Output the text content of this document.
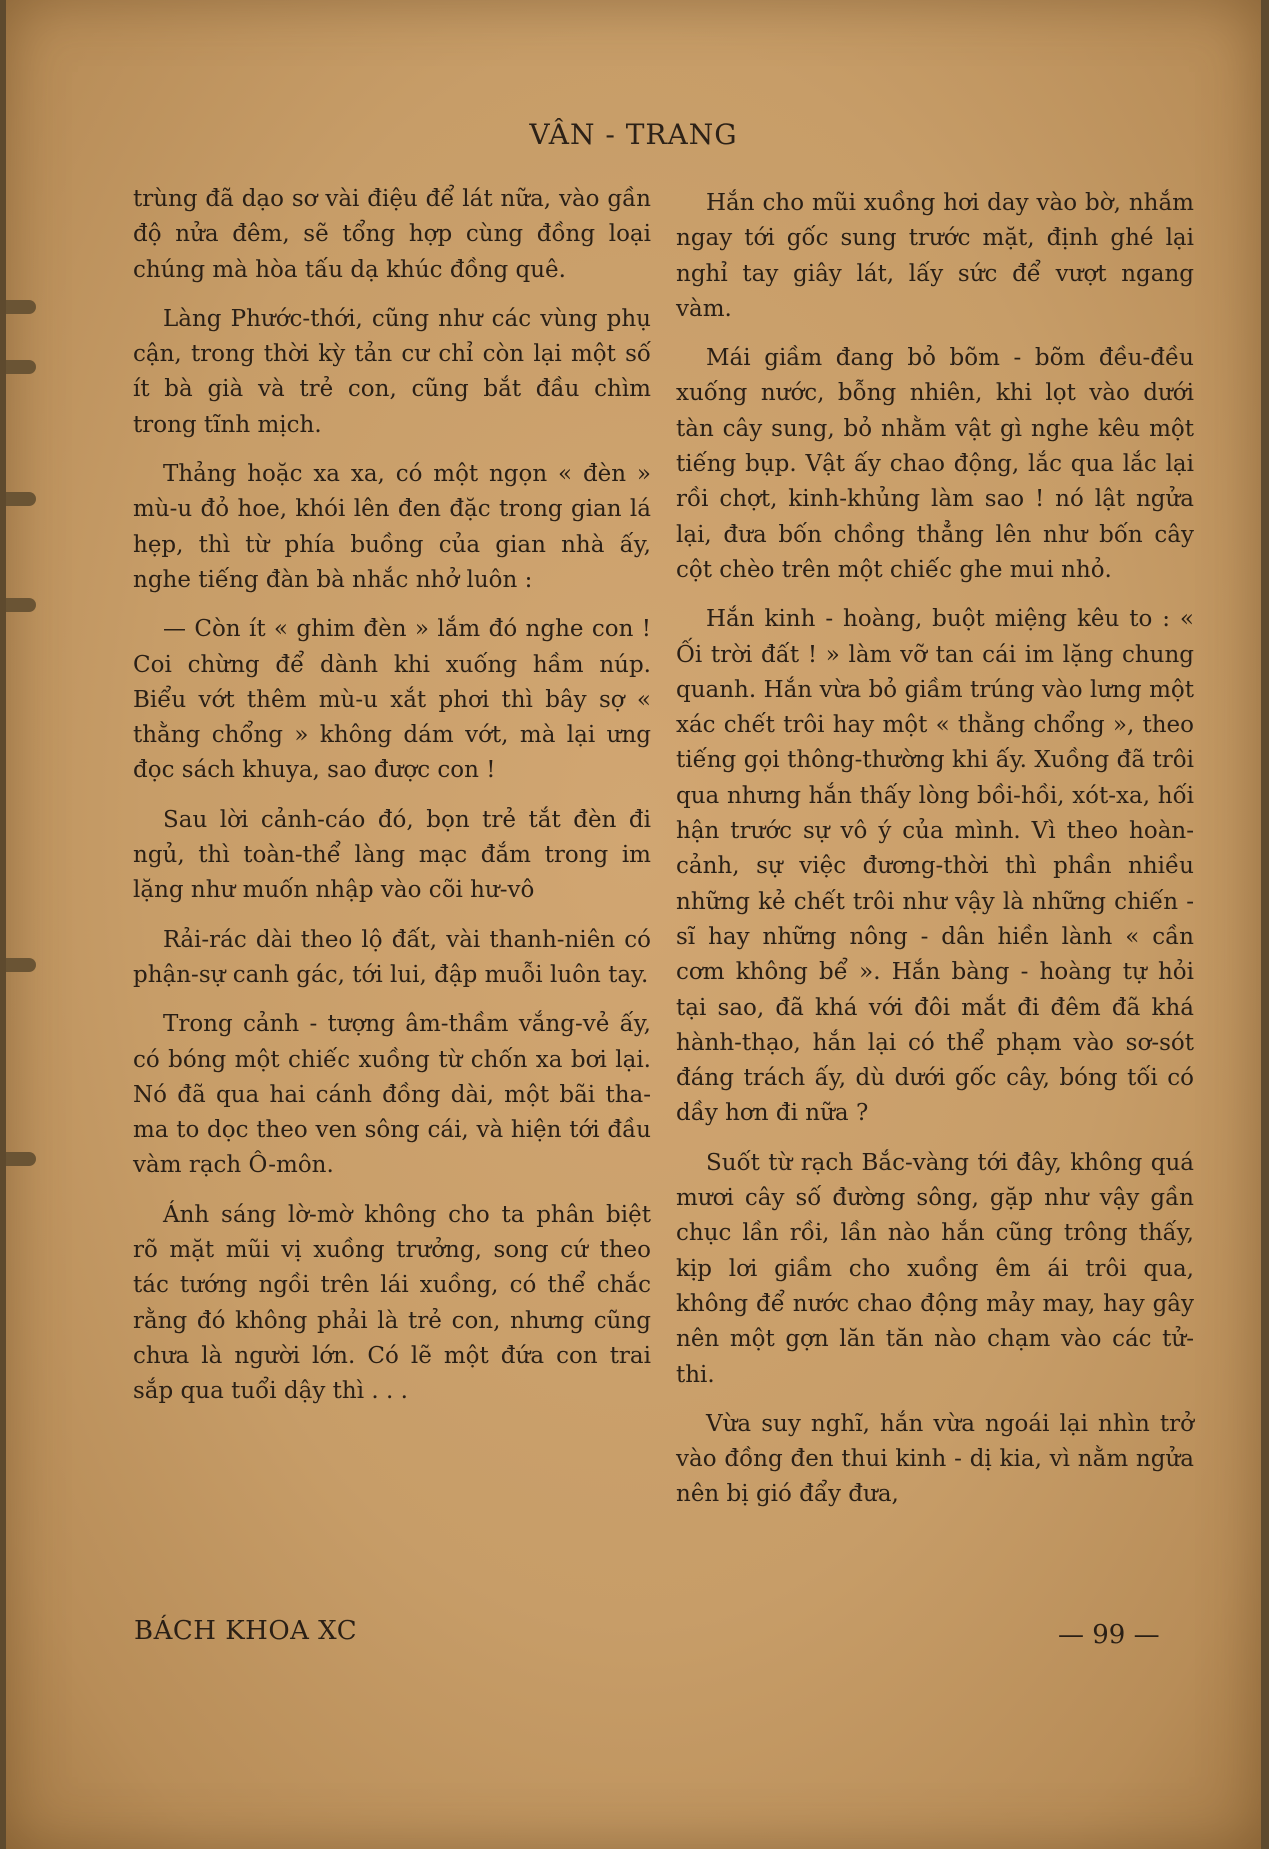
VÂN - TRANG

trùng đã dạo sơ vài điệu để lát nữa, vào gần độ nửa đêm, sẽ tổng hợp cùng đồng loại chúng mà hòa tấu dạ khúc đồng quê.

Làng Phước-thới, cũng như các vùng phụ cận, trong thời kỳ tản cư chỉ còn lại một số ít bà già và trẻ con, cũng bắt đầu chìm trong tĩnh mịch.

Thảng hoặc xa xa, có một ngọn « đèn » mù-u đỏ hoe, khói lên đen đặc trong gian lá hẹp, thì từ phía buồng của gian nhà ấy, nghe tiếng đàn bà nhắc nhở luôn :

— Còn ít « ghim đèn » lắm đó nghe con ! Coi chừng để dành khi xuống hầm núp. Biểu vớt thêm mù-u xắt phơi thì bây sợ « thằng chổng » không dám vớt, mà lại ưng đọc sách khuya, sao được con !

Sau lời cảnh-cáo đó, bọn trẻ tắt đèn đi ngủ, thì toàn-thể làng mạc đắm trong im lặng như muốn nhập vào cõi hư-vô

Rải-rác dài theo lộ đất, vài thanh-niên có phận-sự canh gác, tới lui, đập muỗi luôn tay.

Trong cảnh - tượng âm-thầm vắng-vẻ ấy, có bóng một chiếc xuồng từ chốn xa bơi lại. Nó đã qua hai cánh đồng dài, một bãi tha-ma to dọc theo ven sông cái, và hiện tới đầu vàm rạch Ô-môn.

Ánh sáng lờ-mờ không cho ta phân biệt rõ mặt mũi vị xuồng trưởng, song cứ theo tác tướng ngồi trên lái xuồng, có thể chắc rằng đó không phải là trẻ con, nhưng cũng chưa là người lớn. Có lẽ một đứa con trai sắp qua tuổi dậy thì . . .

Hắn cho mũi xuồng hơi day vào bờ, nhắm ngay tới gốc sung trước mặt, định ghé lại nghỉ tay giây lát, lấy sức để vượt ngang vàm.

Mái giầm đang bỏ bõm - bõm đều-đều xuống nước, bỗng nhiên, khi lọt vào dưới tàn cây sung, bỏ nhằm vật gì nghe kêu một tiếng bụp. Vật ấy chao động, lắc qua lắc lại rồi chợt, kinh-khủng làm sao ! nó lật ngửa lại, đưa bốn chồng thẳng lên như bốn cây cột chèo trên một chiếc ghe mui nhỏ.

Hắn kinh - hoàng, buột miệng kêu to : « Ối trời đất ! » làm vỡ tan cái im lặng chung quanh. Hắn vừa bỏ giầm trúng vào lưng một xác chết trôi hay một « thằng chổng », theo tiếng gọi thông-thường khi ấy. Xuồng đã trôi qua nhưng hắn thấy lòng bồi-hồi, xót-xa, hối hận trước sự vô ý của mình. Vì theo hoàn-cảnh, sự việc đương-thời thì phần nhiều những kẻ chết trôi như vậy là những chiến - sĩ hay những nông - dân hiền lành « cần cơm không bể ». Hắn bàng - hoàng tự hỏi tại sao, đã khá với đôi mắt đi đêm đã khá hành-thạo, hắn lại có thể phạm vào sơ-sót đáng trách ấy, dù dưới gốc cây, bóng tối có dầy hơn đi nữa ?

Suốt từ rạch Bắc-vàng tới đây, không quá mươi cây số đường sông, gặp như vậy gần chục lần rồi, lần nào hắn cũng trông thấy, kịp lơi giầm cho xuồng êm ái trôi qua, không để nước chao động mảy may, hay gây nên một gợn lăn tăn nào chạm vào các tử-thi.

Vừa suy nghĩ, hắn vừa ngoái lại nhìn trở vào đồng đen thui kinh - dị kia, vì nằm ngửa nên bị gió đẩy đưa,

BÁCH KHOA XC	— 99 —
